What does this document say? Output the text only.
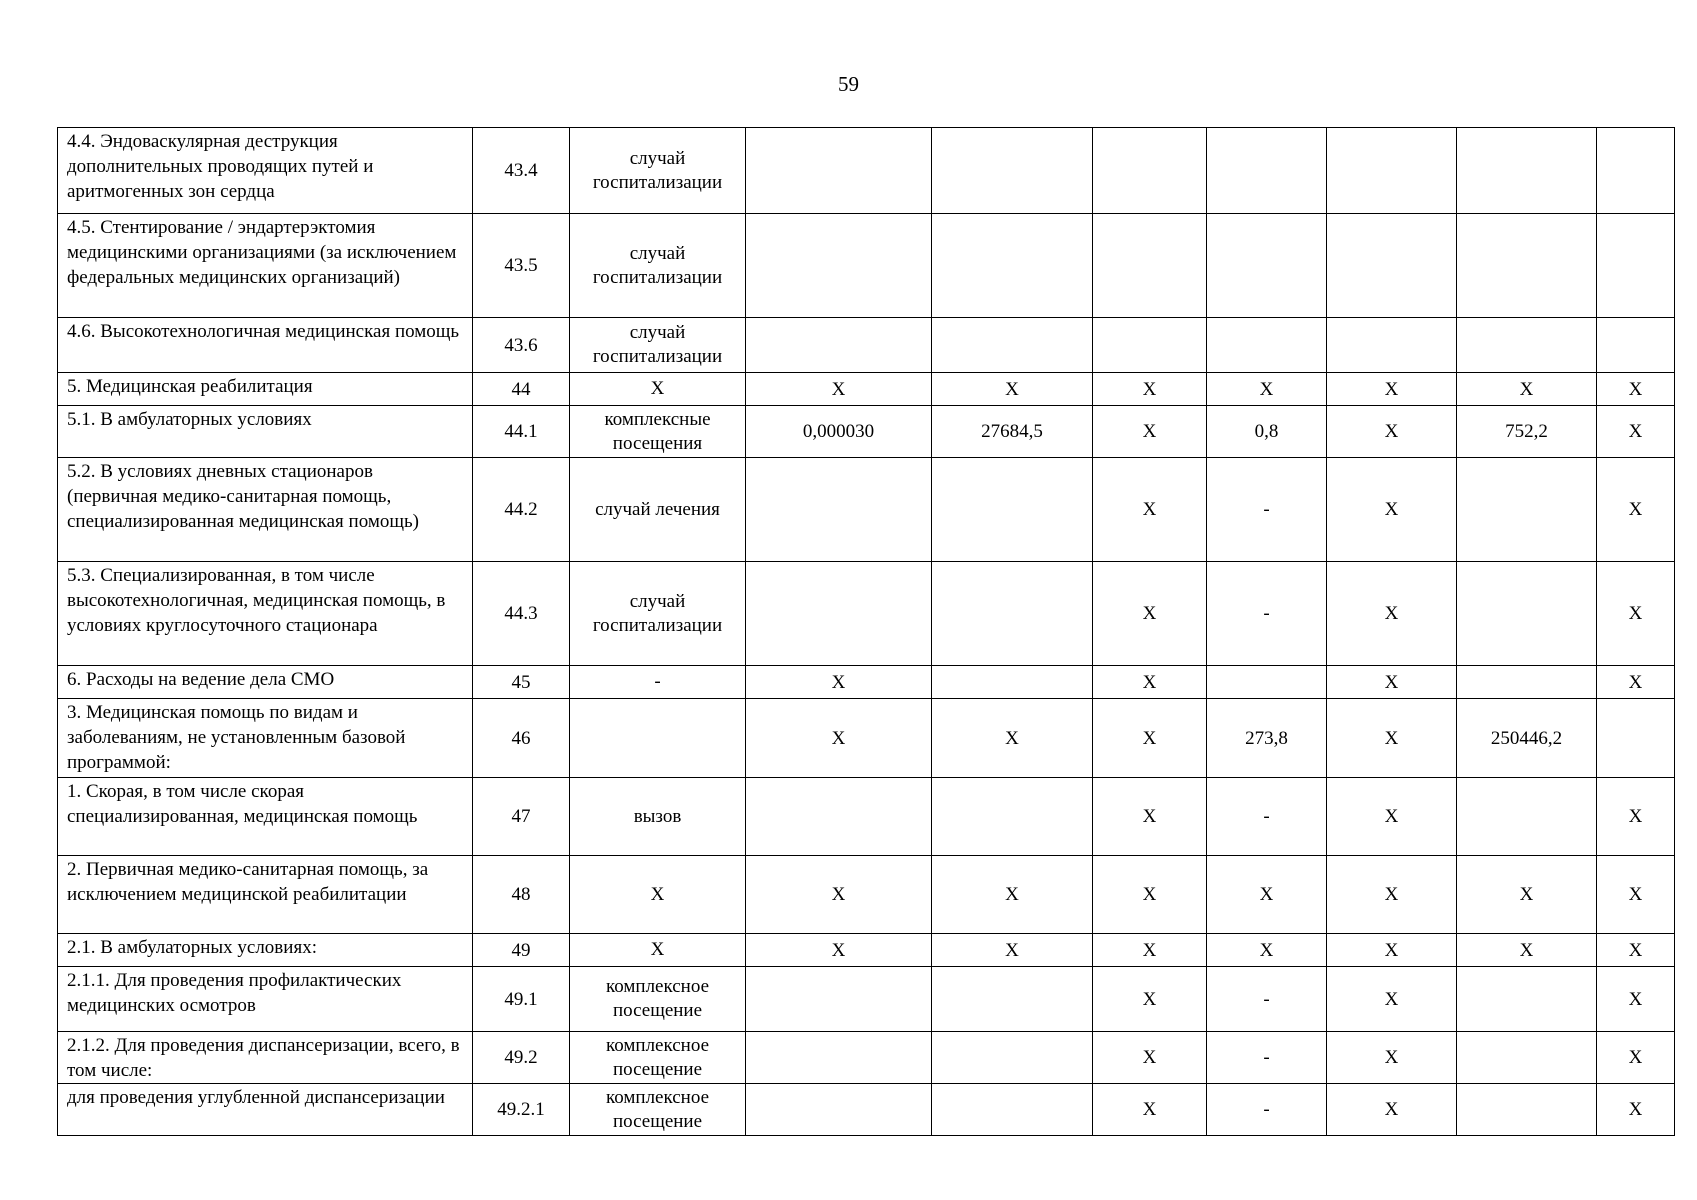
59
4.4. Эндоваскулярная деструкция дополнительных проводящих путей и аритмогенных зон сердца	43.4	случай госпитализации							
4.5. Стентирование / эндартерэктомия медицинскими организациями (за исключением федеральных медицинских организаций)	43.5	случай госпитализации							
4.6. Высокотехнологичная медицинская помощь	43.6	случай госпитализации							
5. Медицинская реабилитация	44	X	X	X	X	X	X	X	X
5.1. В амбулаторных условиях	44.1	комплексные посещения	0,000030	27684,5	X	0,8	X	752,2	X
5.2. В условиях дневных стационаров (первичная медико-санитарная помощь, специализированная медицинская помощь)	44.2	случай лечения			X	-	X		X
5.3. Специализированная, в том числе высокотехнологичная, медицинская помощь, в условиях круглосуточного стационара	44.3	случай госпитализации			X	-	X		X
6. Расходы на ведение дела СМО	45	-	X		X		X		X
3. Медицинская помощь по видам и заболеваниям, не установленным базовой программой:	46		X	X	X	273,8	X	250446,2	
1. Скорая, в том числе скорая специализированная, медицинская помощь	47	вызов			X	-	X		X
2. Первичная медико-санитарная помощь, за исключением медицинской реабилитации	48	X	X	X	X	X	X	X	X
2.1. В амбулаторных условиях:	49	X	X	X	X	X	X	X	X
2.1.1. Для проведения профилактических медицинских осмотров	49.1	комплексное посещение			X	-	X		X
2.1.2. Для проведения диспансеризации, всего, в том числе:	49.2	комплексное посещение			X	-	X		X
для проведения углубленной диспансеризации	49.2.1	комплексное посещение			X	-	X		X
